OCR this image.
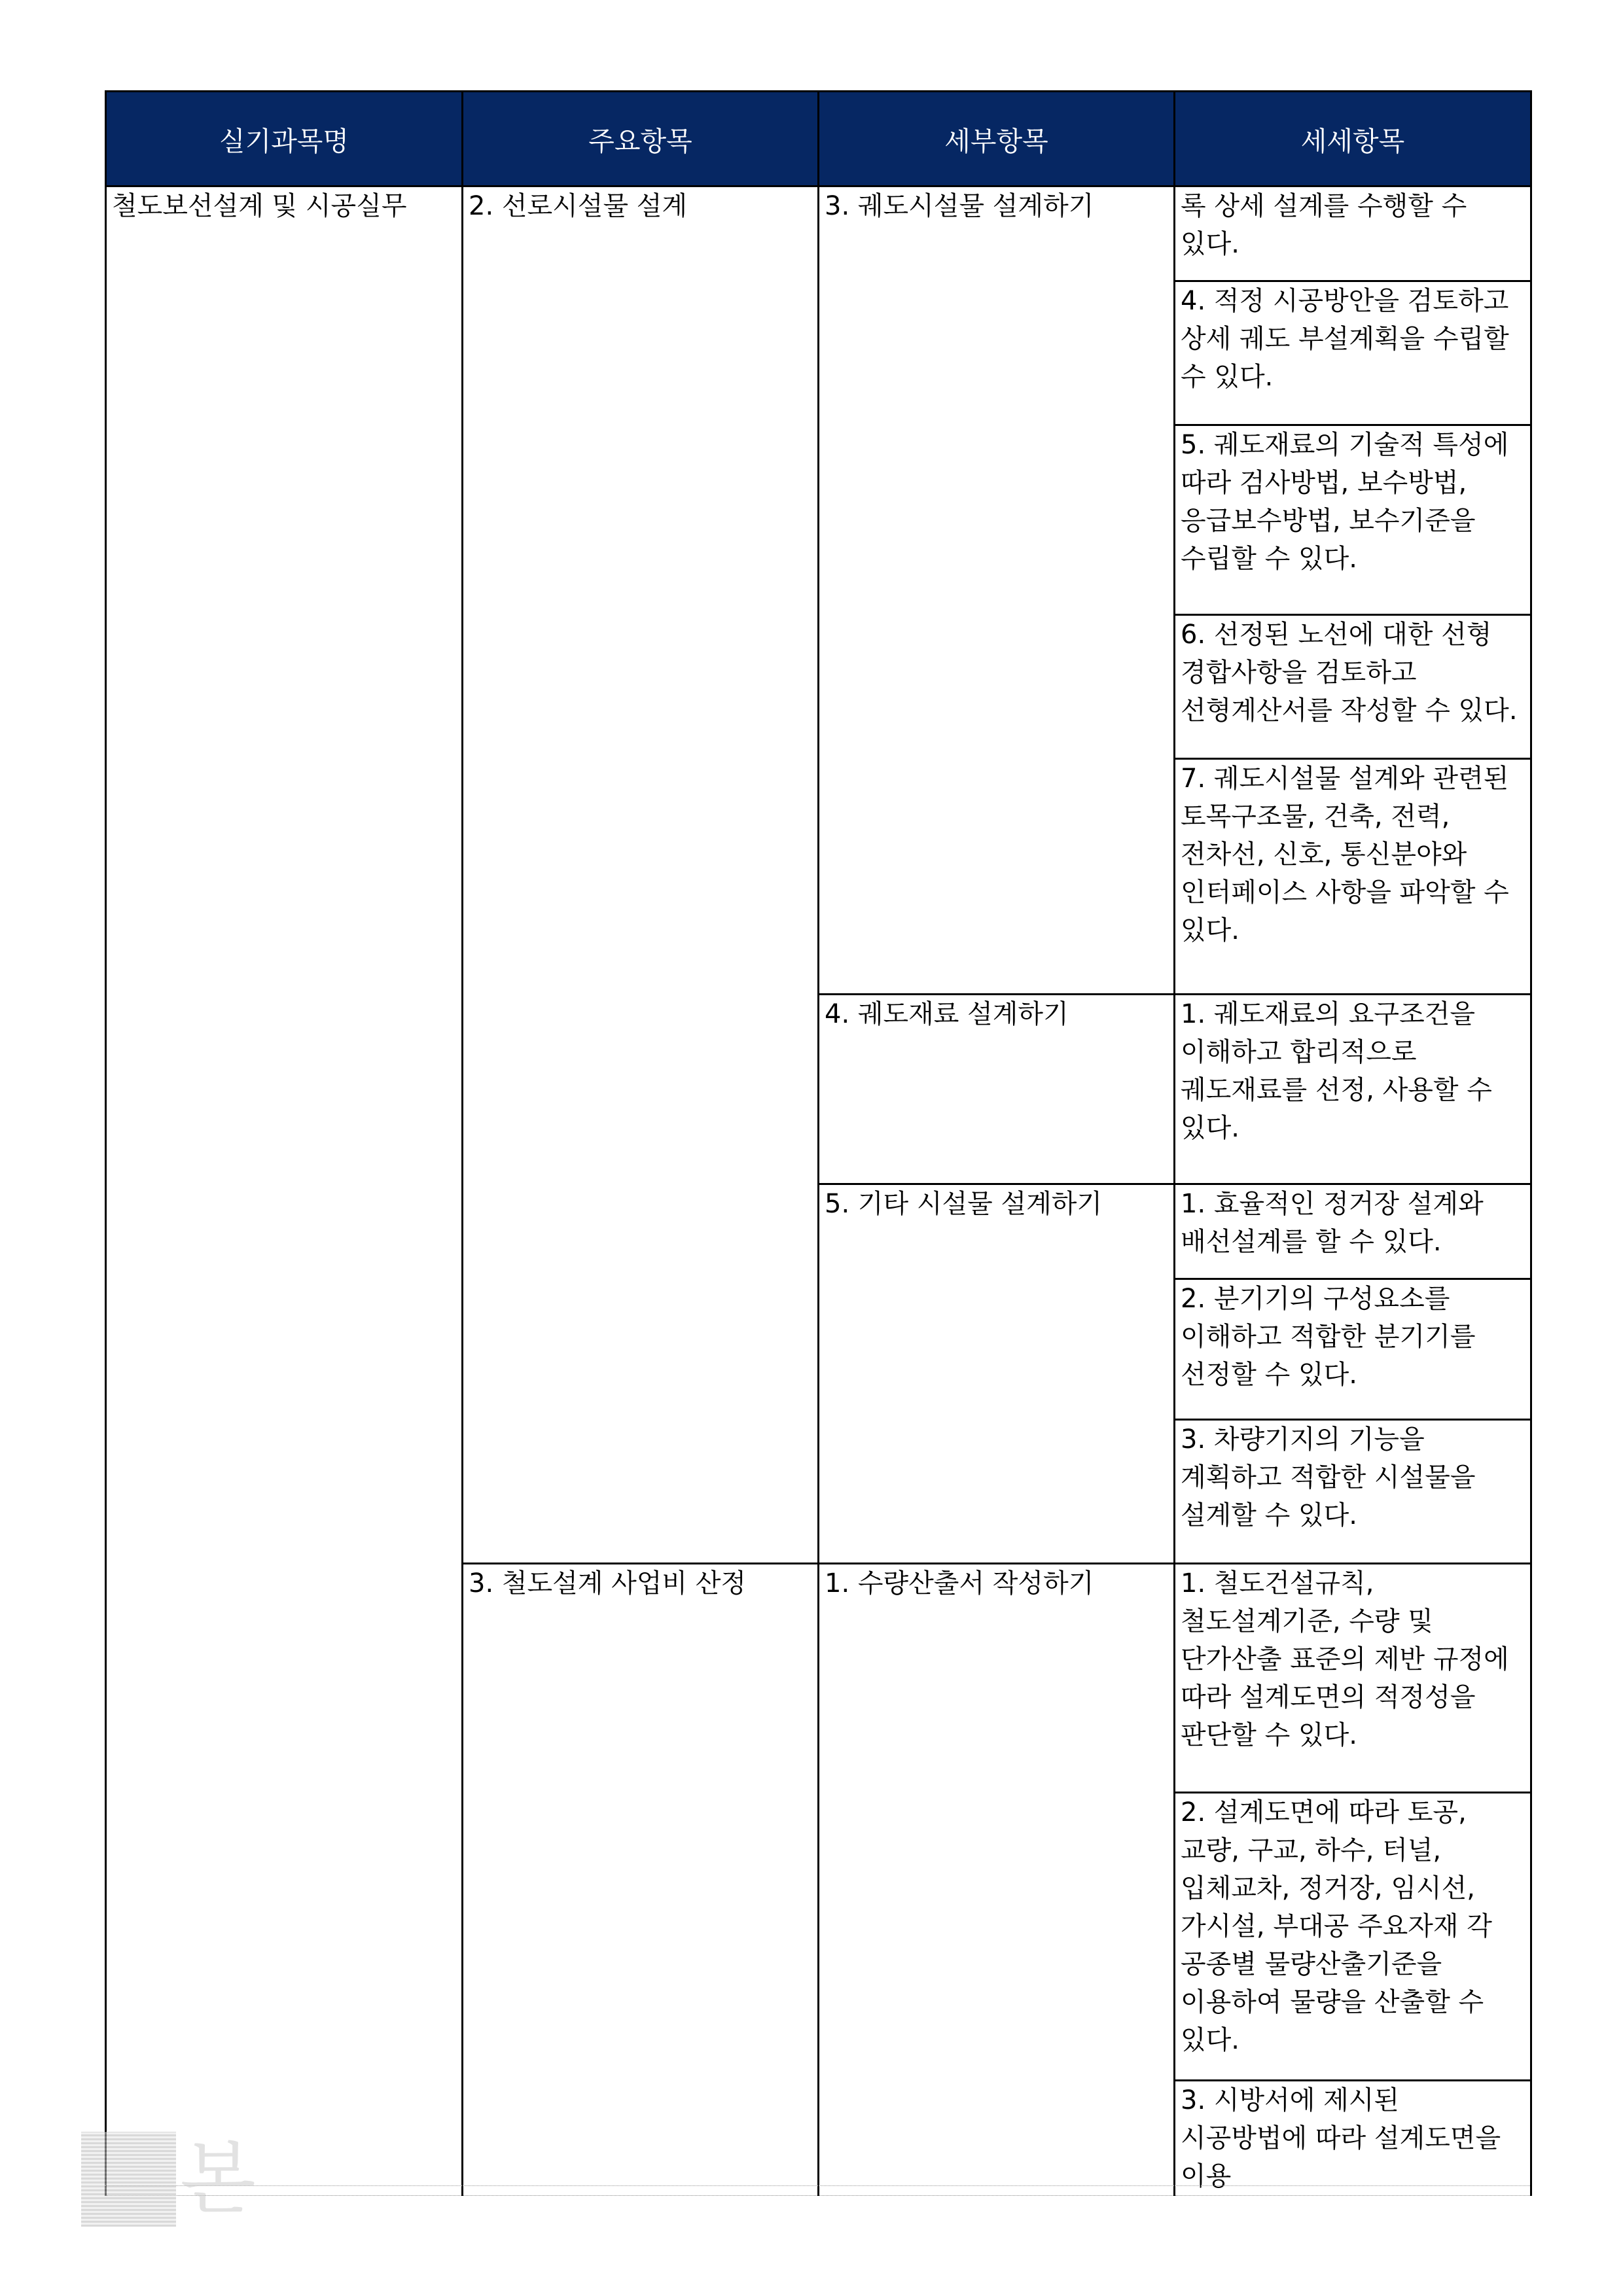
실기과목명	주요항목	세부항목	세세항목
철도보선설계 및 시공실무	2. 선로시설물 설계	3. 궤도시설물 설계하기	록 상세 설계를 수행할 수 있다.
			4. 적정 시공방안을 검토하고 상세 궤도 부설계획을 수립할 수 있다.
			5. 궤도재료의 기술적 특성에 따라 검사방법, 보수방법, 응급보수방법, 보수기준을 수립할 수 있다.
			6. 선정된 노선에 대한 선형 경합사항을 검토하고 선형계산서를 작성할 수 있다.
			7. 궤도시설물 설계와 관련된 토목구조물, 건축, 전력, 전차선, 신호, 통신분야와 인터페이스 사항을 파악할 수 있다.
		4. 궤도재료 설계하기	1. 궤도재료의 요구조건을 이해하고 합리적으로 궤도재료를 선정, 사용할 수 있다.
		5. 기타 시설물 설계하기	1. 효율적인 정거장 설계와 배선설계를 할 수 있다.
			2. 분기기의 구성요소를 이해하고 적합한 분기기를 선정할 수 있다.
			3. 차량기지의 기능을 계획하고 적합한 시설물을 설계할 수 있다.
	3. 철도설계 사업비 산정	1. 수량산출서 작성하기	1. 철도건설규칙, 철도설계기준, 수량 및 단가산출 표준의 제반 규정에 따라 설계도면의 적정성을 판단할 수 있다.
			2. 설계도면에 따라 토공, 교량, 구교, 하수, 터널, 입체교차, 정거장, 임시선, 가시설, 부대공 주요자재 각 공종별 물량산출기준을 이용하여 물량을 산출할 수 있다.
			3. 시방서에 제시된 시공방법에 따라 설계도면을 이용
본
